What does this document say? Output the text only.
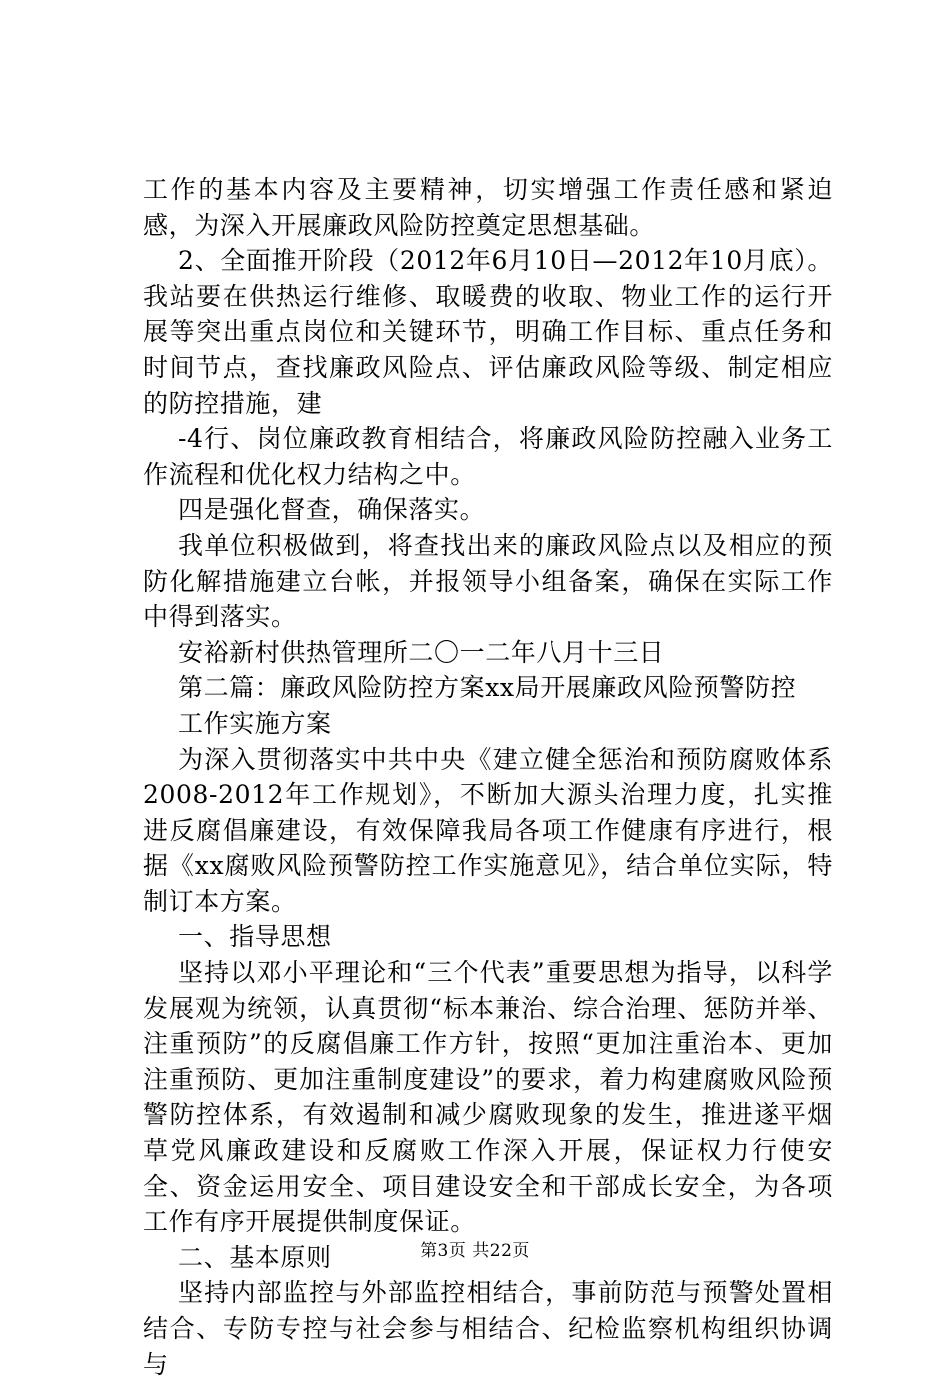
工作的基本内容及主要精神，切实增强工作责任感和紧迫感，为深入开展廉政风险防控奠定思想基础。

2、全面推开阶段（2012年6月10日—2012年10月底）。我站要在供热运行维修、取暖费的收取、物业工作的运行开展等突出重点岗位和关键环节，明确工作目标、重点任务和时间节点，查找廉政风险点、评估廉政风险等级、制定相应的防控措施，建

-4行、岗位廉政教育相结合，将廉政风险防控融入业务工作流程和优化权力结构之中。

四是强化督查，确保落实。

我单位积极做到，将查找出来的廉政风险点以及相应的预防化解措施建立台帐，并报领导小组备案，确保在实际工作中得到落实。

安裕新村供热管理所二〇一二年八月十三日

第二篇：廉政风险防控方案xx局开展廉政风险预警防控

工作实施方案

为深入贯彻落实中共中央《建立健全惩治和预防腐败体系2008-2012年工作规划》，不断加大源头治理力度，扎实推进反腐倡廉建设，有效保障我局各项工作健康有序进行，根据《xx腐败风险预警防控工作实施意见》，结合单位实际，特制订本方案。

一、指导思想

坚持以邓小平理论和“三个代表”重要思想为指导，以科学发展观为统领，认真贯彻“标本兼治、综合治理、惩防并举、注重预防”的反腐倡廉工作方针，按照“更加注重治本、更加注重预防、更加注重制度建设”的要求，着力构建腐败风险预警防控体系，有效遏制和减少腐败现象的发生，推进遂平烟草党风廉政建设和反腐败工作深入开展，保证权力行使安全、资金运用安全、项目建设安全和干部成长安全，为各项工作有序开展提供制度保证。

二、基本原则

坚持内部监控与外部监控相结合，事前防范与预警处置相结合、专防专控与社会参与相结合、纪检监察机构组织协调与

第3页 共22页
